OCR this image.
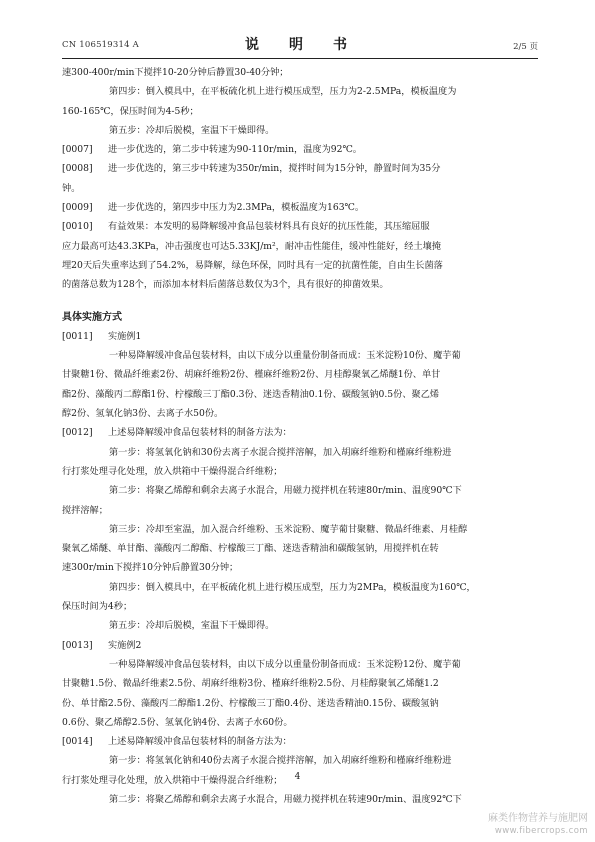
CN 106519314 A	说　明　书	2/5 页
速300-400r/min下搅拌10-20分钟后静置30-40分钟；
第四步：倒入模具中，在平板硫化机上进行模压成型，压力为2-2.5MPa，模板温度为
160-165℃，保压时间为4-5秒；
第五步：冷却后脱模，室温下干燥即得。
[0007] 进一步优选的，第二步中转速为90-110r/min，温度为92℃。
[0008] 进一步优选的，第三步中转速为350r/min，搅拌时间为15分钟，静置时间为35分
钟。
[0009] 进一步优选的，第四步中压力为2.3MPa，模板温度为163℃。
[0010] 有益效果：本发明的易降解缓冲食品包装材料具有良好的抗压性能，其压缩屈服
应力最高可达43.3KPa，冲击强度也可达5.33KJ/m²，耐冲击性能佳，缓冲性能好，经土壤掩
埋20天后失重率达到了54.2%，易降解，绿色环保，同时具有一定的抗菌性能，自由生长菌落
的菌落总数为128个，而添加本材料后菌落总数仅为3个，具有很好的抑菌效果。
具体实施方式
[0011] 实施例1
一种易降解缓冲食品包装材料，由以下成分以重量份制备而成：玉米淀粉10份、魔芋葡
甘聚糖1份、微晶纤维素2份、胡麻纤维粉2份、槿麻纤维粉2份、月桂醇聚氧乙烯醚1份、单甘
酯2份、藻酸丙二醇酯1份、柠檬酸三丁酯0.3份、迷迭香精油0.1份、碳酸氢钠0.5份、聚乙烯
醇2份、氢氧化钠3份、去离子水50份。
[0012] 上述易降解缓冲食品包装材料的制备方法为：
第一步：将氢氧化钠和30份去离子水混合搅拌溶解，加入胡麻纤维粉和槿麻纤维粉进
行打浆处理寻化处理，放入烘箱中干燥得混合纤维粉；
第二步：将聚乙烯醇和剩余去离子水混合，用磁力搅拌机在转速80r/min、温度90℃下
搅拌溶解；
第三步：冷却至室温，加入混合纤维粉、玉米淀粉、魔芋葡甘聚糖、微晶纤维素、月桂醇
聚氧乙烯醚、单甘酯、藻酸丙二醇酯、柠檬酸三丁酯、迷迭香精油和碳酸氢钠，用搅拌机在转
速300r/min下搅拌10分钟后静置30分钟；
第四步：倒入模具中，在平板硫化机上进行模压成型，压力为2MPa，模板温度为160℃，
保压时间为4秒；
第五步：冷却后脱模，室温下干燥即得。
[0013] 实施例2
一种易降解缓冲食品包装材料，由以下成分以重量份制备而成：玉米淀粉12份、魔芋葡
甘聚糖1.5份、微晶纤维素2.5份、胡麻纤维粉3份、槿麻纤维粉2.5份、月桂醇聚氧乙烯醚1.2
份、单甘酯2.5份、藻酸丙二醇酯1.2份、柠檬酸三丁酯0.4份、迷迭香精油0.15份、碳酸氢钠
0.6份、聚乙烯醇2.5份、氢氧化钠4份、去离子水60份。
[0014] 上述易降解缓冲食品包装材料的制备方法为：
第一步：将氢氧化钠和40份去离子水混合搅拌溶解，加入胡麻纤维粉和槿麻纤维粉进
行打浆处理寻化处理，放入烘箱中干燥得混合纤维粉；
第二步：将聚乙烯醇和剩余去离子水混合，用磁力搅拌机在转速90r/min、温度92℃下
4
麻类作物营养与施肥网
www.fibercrops.com
